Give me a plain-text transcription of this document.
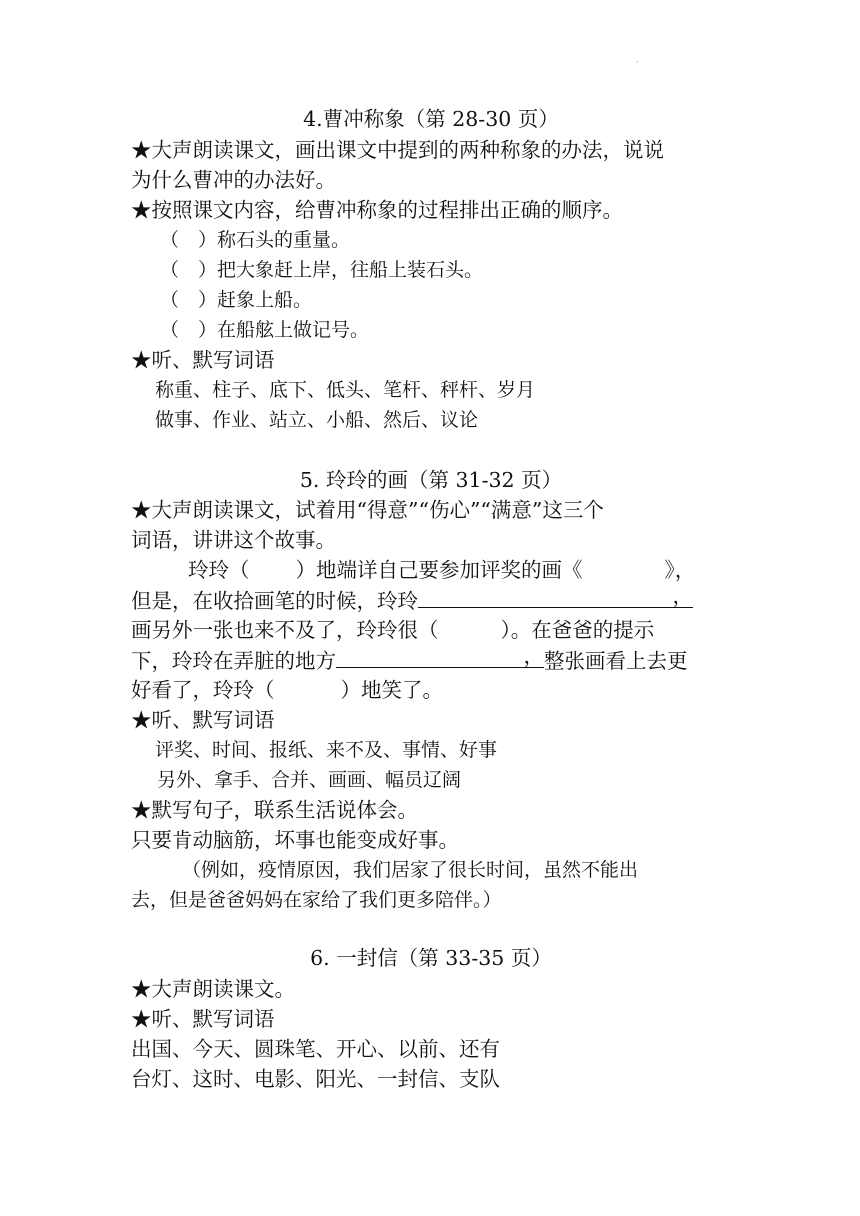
·
4.曹冲称象（第 28-30 页）
★大声朗读课文，画出课文中提到的两种称象的办法，说说
为什么曹冲的办法好。
★按照课文内容，给曹冲称象的过程排出正确的顺序。
（　）称石头的重量。
（　）把大象赶上岸，往船上装石头。
（　）赶象上船。
（　）在船舷上做记号。
★听、默写词语
称重、柱子、底下、低头、笔杆、秤杆、岁月
做事、作业、站立、小船、然后、议论
5. 玲玲的画（第 31-32 页）
★大声朗读课文，试着用“得意”“伤心”“满意”这三个
词语，讲讲这个故事。
玲玲（ ）地端详自己要参加评奖的画《	》，
但是，在收拾画笔的时候，玲玲	，
画另外一张也来不及了，玲玲很（	）。在爸爸的提示
下，玲玲在弄脏的地方	， 整张画看上去更
好看了，玲玲（	）地笑了。
★听、默写词语
评奖、时间、报纸、来不及、事情、好事
另外、拿手、合并、画画、幅员辽阔
★默写句子，联系生活说体会。
只要肯动脑筋，坏事也能变成好事。
（例如，疫情原因，我们居家了很长时间，虽然不能出
去，但是爸爸妈妈在家给了我们更多陪伴。）
6. 一封信（第 33-35 页）
★大声朗读课文。
★听、默写词语
出国、今天、圆珠笔、开心、以前、还有
台灯、这时、电影、阳光、一封信、支队
